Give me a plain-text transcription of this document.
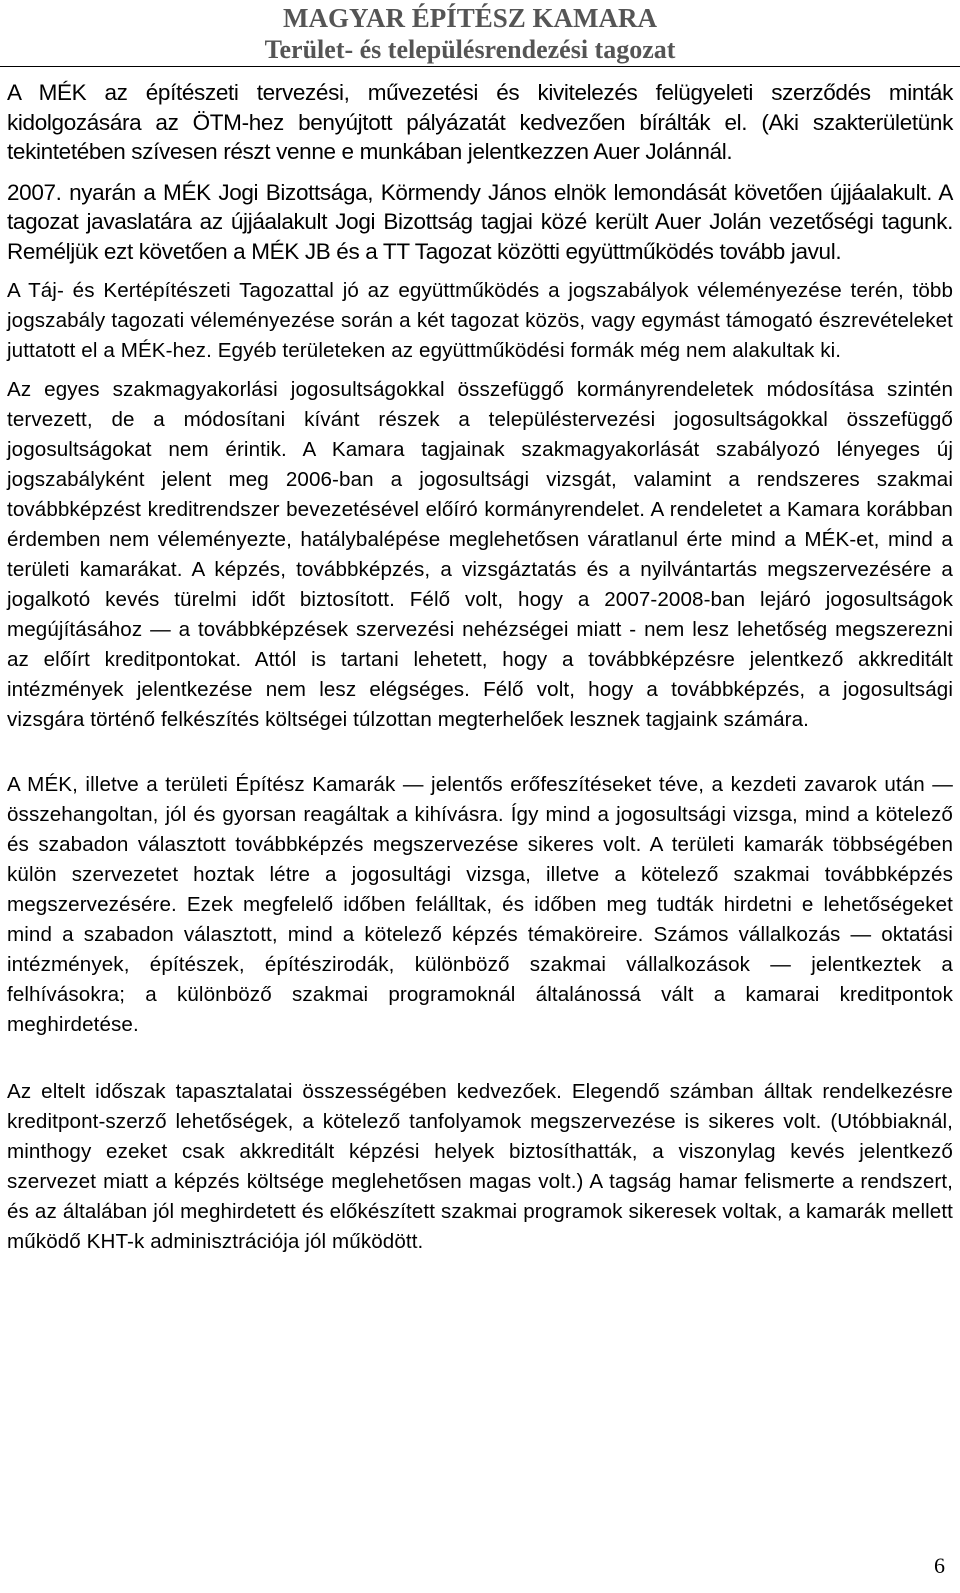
MAGYAR ÉPÍTÉSZ KAMARA
Terület- és településrendezési tagozat

A MÉK az építészeti tervezési, művezetési és kivitelezés felügyeleti szerződés minták kidolgozására az ÖTM-hez benyújtott pályázatát kedvezően bírálták el. (Aki szakterületünk tekintetében szívesen részt venne e munkában jelentkezzen Auer Jolánnál.

2007. nyarán a MÉK Jogi Bizottsága, Körmendy János elnök lemondását követően újjáalakult. A tagozat javaslatára az újjáalakult Jogi Bizottság tagjai közé került Auer Jolán vezetőségi tagunk. Reméljük ezt követően a MÉK JB és a TT Tagozat közötti együttműködés tovább javul.

A Táj- és Kertépítészeti Tagozattal jó az együttműködés a jogszabályok véleményezése terén, több jogszabály tagozati véleményezése során a két tagozat közös, vagy egymást támogató észrevételeket juttatott el a MÉK-hez. Egyéb területeken az együttműködési formák még nem alakultak ki.

Az egyes szakmagyakorlási jogosultságokkal összefüggő kormányrendeletek módosítása szintén tervezett, de a módosítani kívánt részek a településtervezési jogosultságokkal összefüggő jogosultságokat nem érintik. A Kamara tagjainak szakmagyakorlását szabályozó lényeges új jogszabályként jelent meg 2006-ban a jogosultsági vizsgát, valamint a rendszeres szakmai továbbképzést kreditrendszer bevezetésével előíró kormányrendelet. A rendeletet a Kamara korábban érdemben nem véleményezte, hatálybalépése meglehetősen váratlanul érte mind a MÉK-et, mind a területi kamarákat. A képzés, továbbképzés, a vizsgáztatás és a nyilvántartás megszervezésére a jogalkotó kevés türelmi időt biztosított. Félő volt, hogy a 2007-2008-ban lejáró jogosultságok megújításához — a továbbképzések szervezési nehézségei miatt - nem lesz lehetőség megszerezni az előírt kreditpontokat. Attól is tartani lehetett, hogy a továbbképzésre jelentkező akkreditált intézmények jelentkezése nem lesz elégséges. Félő volt, hogy a továbbképzés, a jogosultsági vizsgára történő felkészítés költségei túlzottan megterhelőek lesznek tagjaink számára.

A MÉK, illetve a területi Építész Kamarák — jelentős erőfeszítéseket téve, a kezdeti zavarok után — összehangoltan, jól és gyorsan reagáltak a kihívásra. Így mind a jogosultsági vizsga, mind a kötelező és szabadon választott továbbképzés megszervezése sikeres volt. A területi kamarák többségében külön szervezetet hoztak létre a jogosultági vizsga, illetve a kötelező szakmai továbbképzés megszervezésére. Ezek megfelelő időben felálltak, és időben meg tudták hirdetni e lehetőségeket mind a szabadon választott, mind a kötelező képzés témaköreire. Számos vállalkozás — oktatási intézmények, építészek, építészirodák, különböző szakmai vállalkozások — jelentkeztek a felhívásokra; a különböző szakmai programoknál általánossá vált a kamarai kreditpontok meghirdetése.

Az eltelt időszak tapasztalatai összességében kedvezőek. Elegendő számban álltak rendelkezésre kreditpont-szerző lehetőségek, a kötelező tanfolyamok megszervezése is sikeres volt. (Utóbbiaknál, minthogy ezeket csak akkreditált képzési helyek biztosíthatták, a viszonylag kevés jelentkező szervezet miatt a képzés költsége meglehetősen magas volt.) A tagság hamar felismerte a rendszert, és az általában jól meghirdetett és előkészített szakmai programok sikeresek voltak, a kamarák mellett működő KHT-k adminisztrációja jól működött.

6
